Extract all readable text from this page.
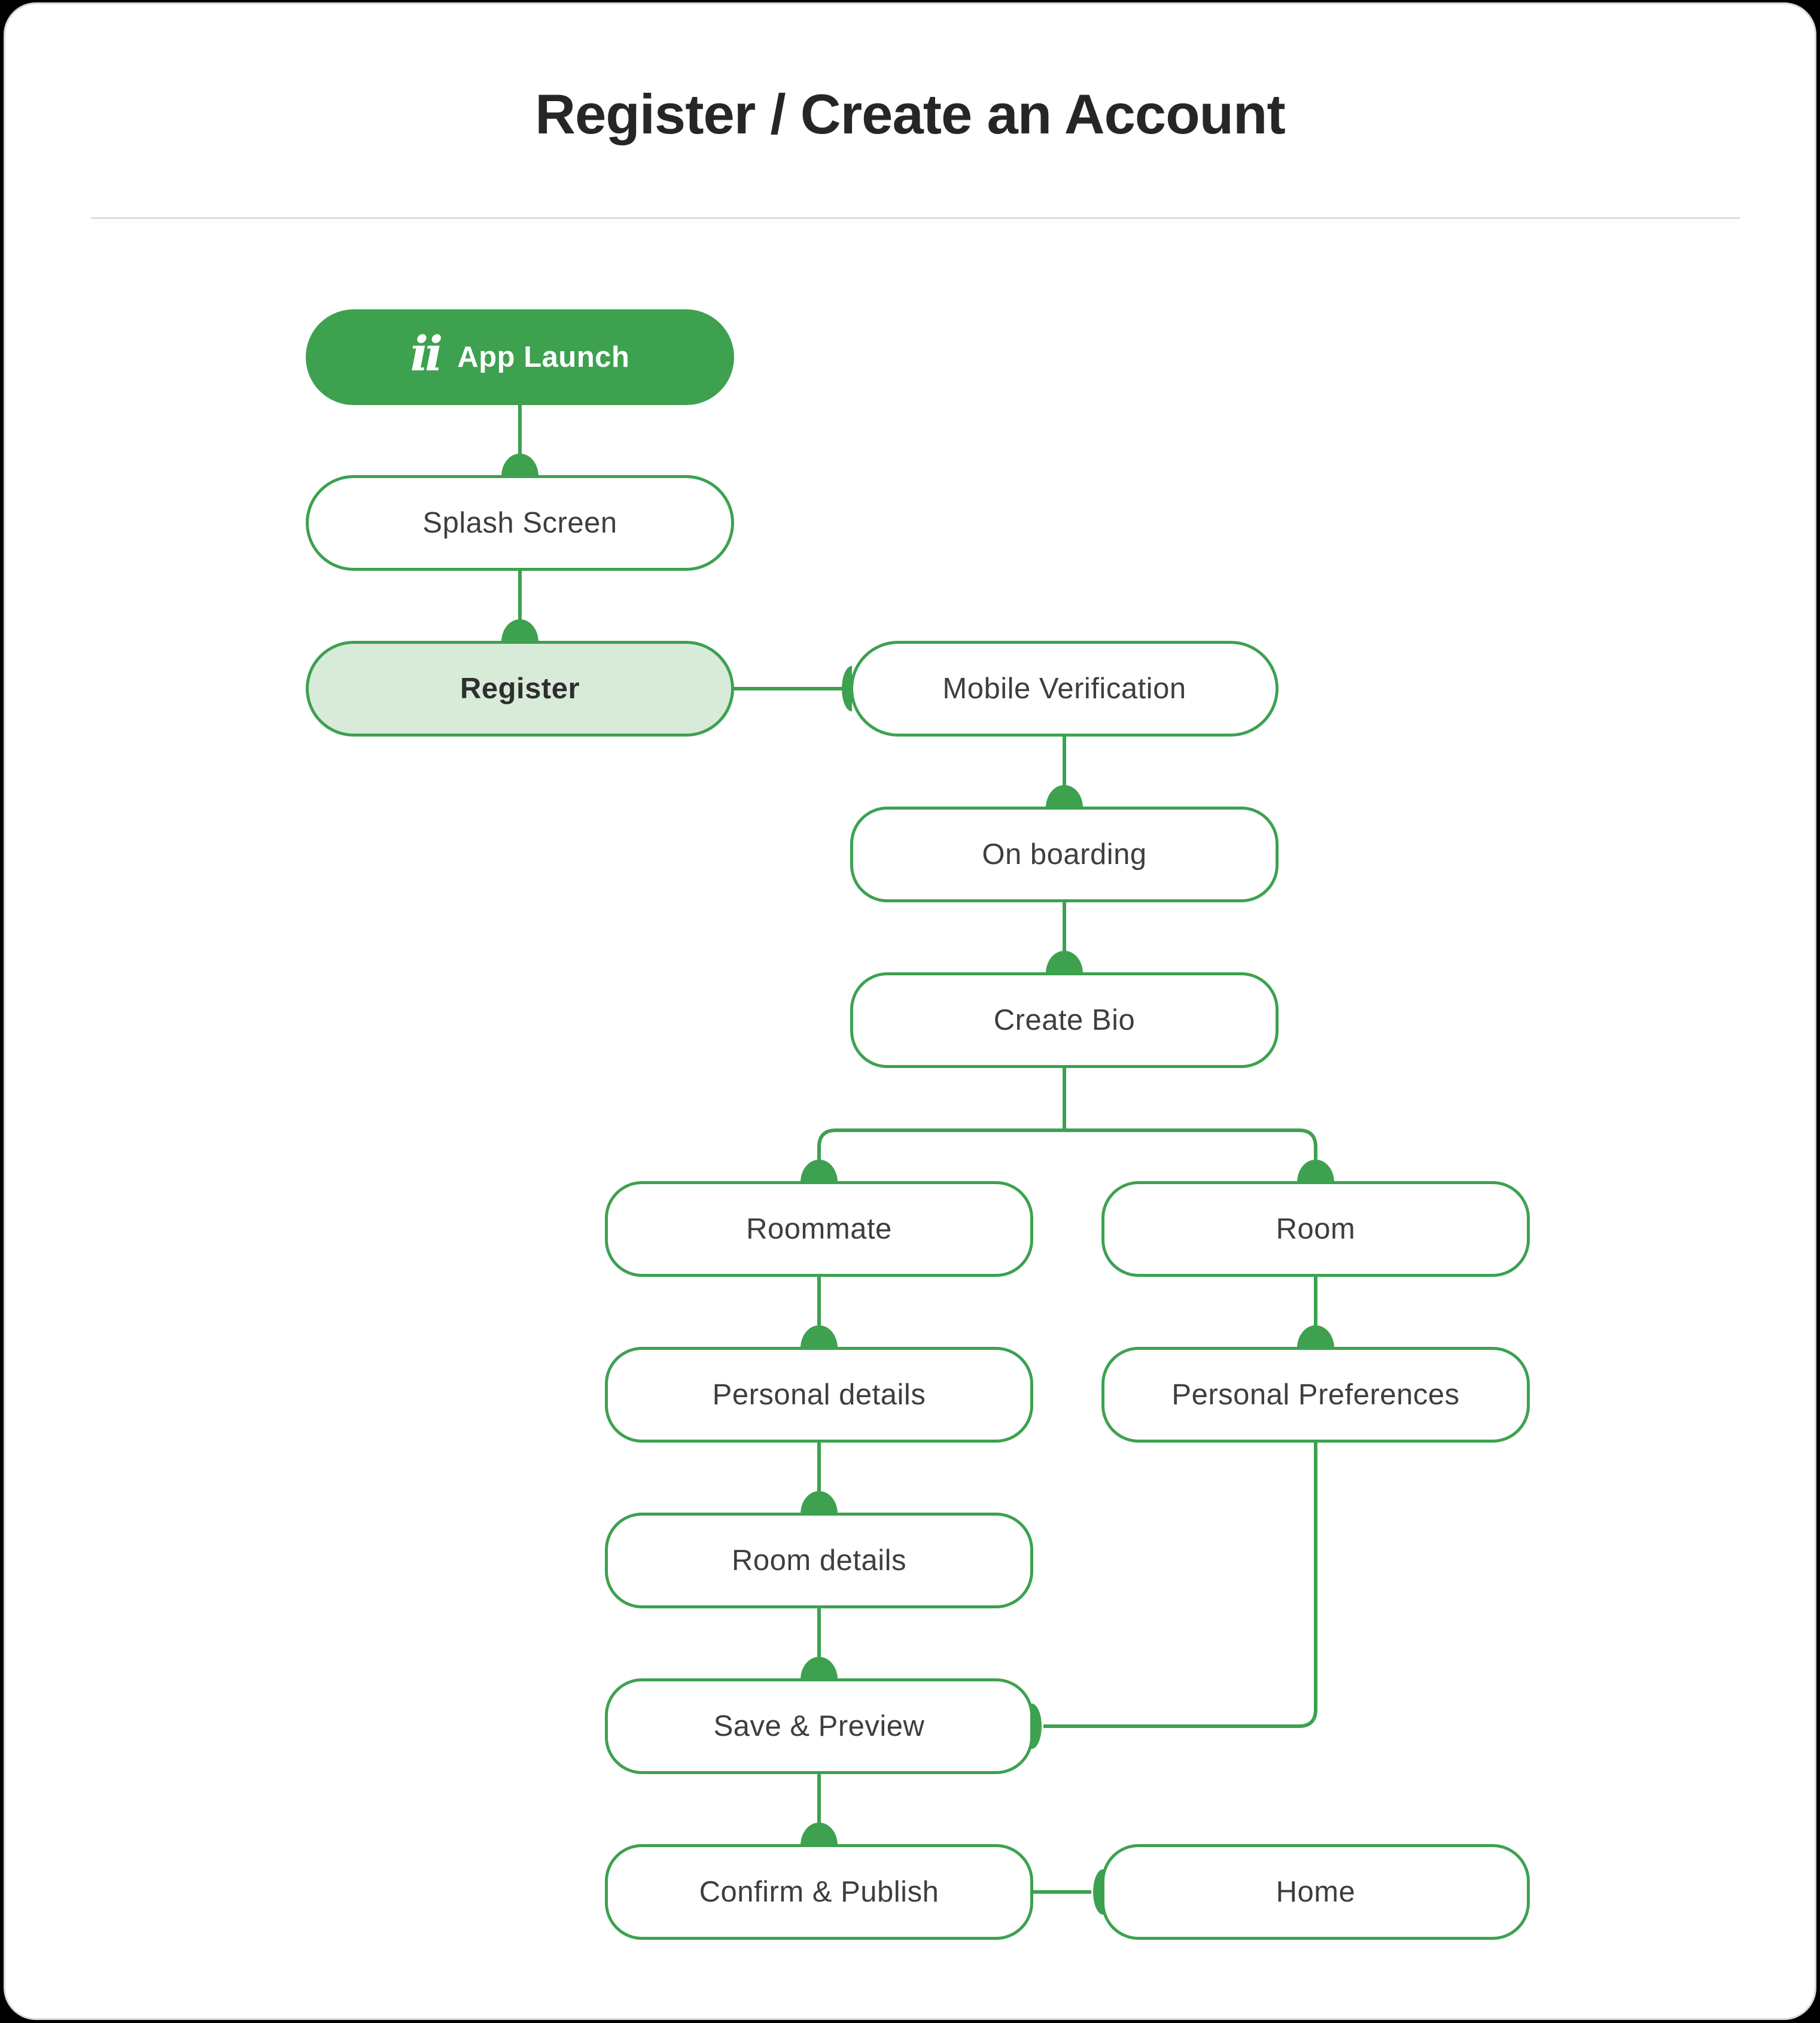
Register / Create an Account
ii App Launch
Splash Screen
Register	Mobile Verification
On boarding
Create Bio
Roommate	Room
Personal details	Personal Preferences
Room details
Save & Preview
Confirm & Publish	Home
